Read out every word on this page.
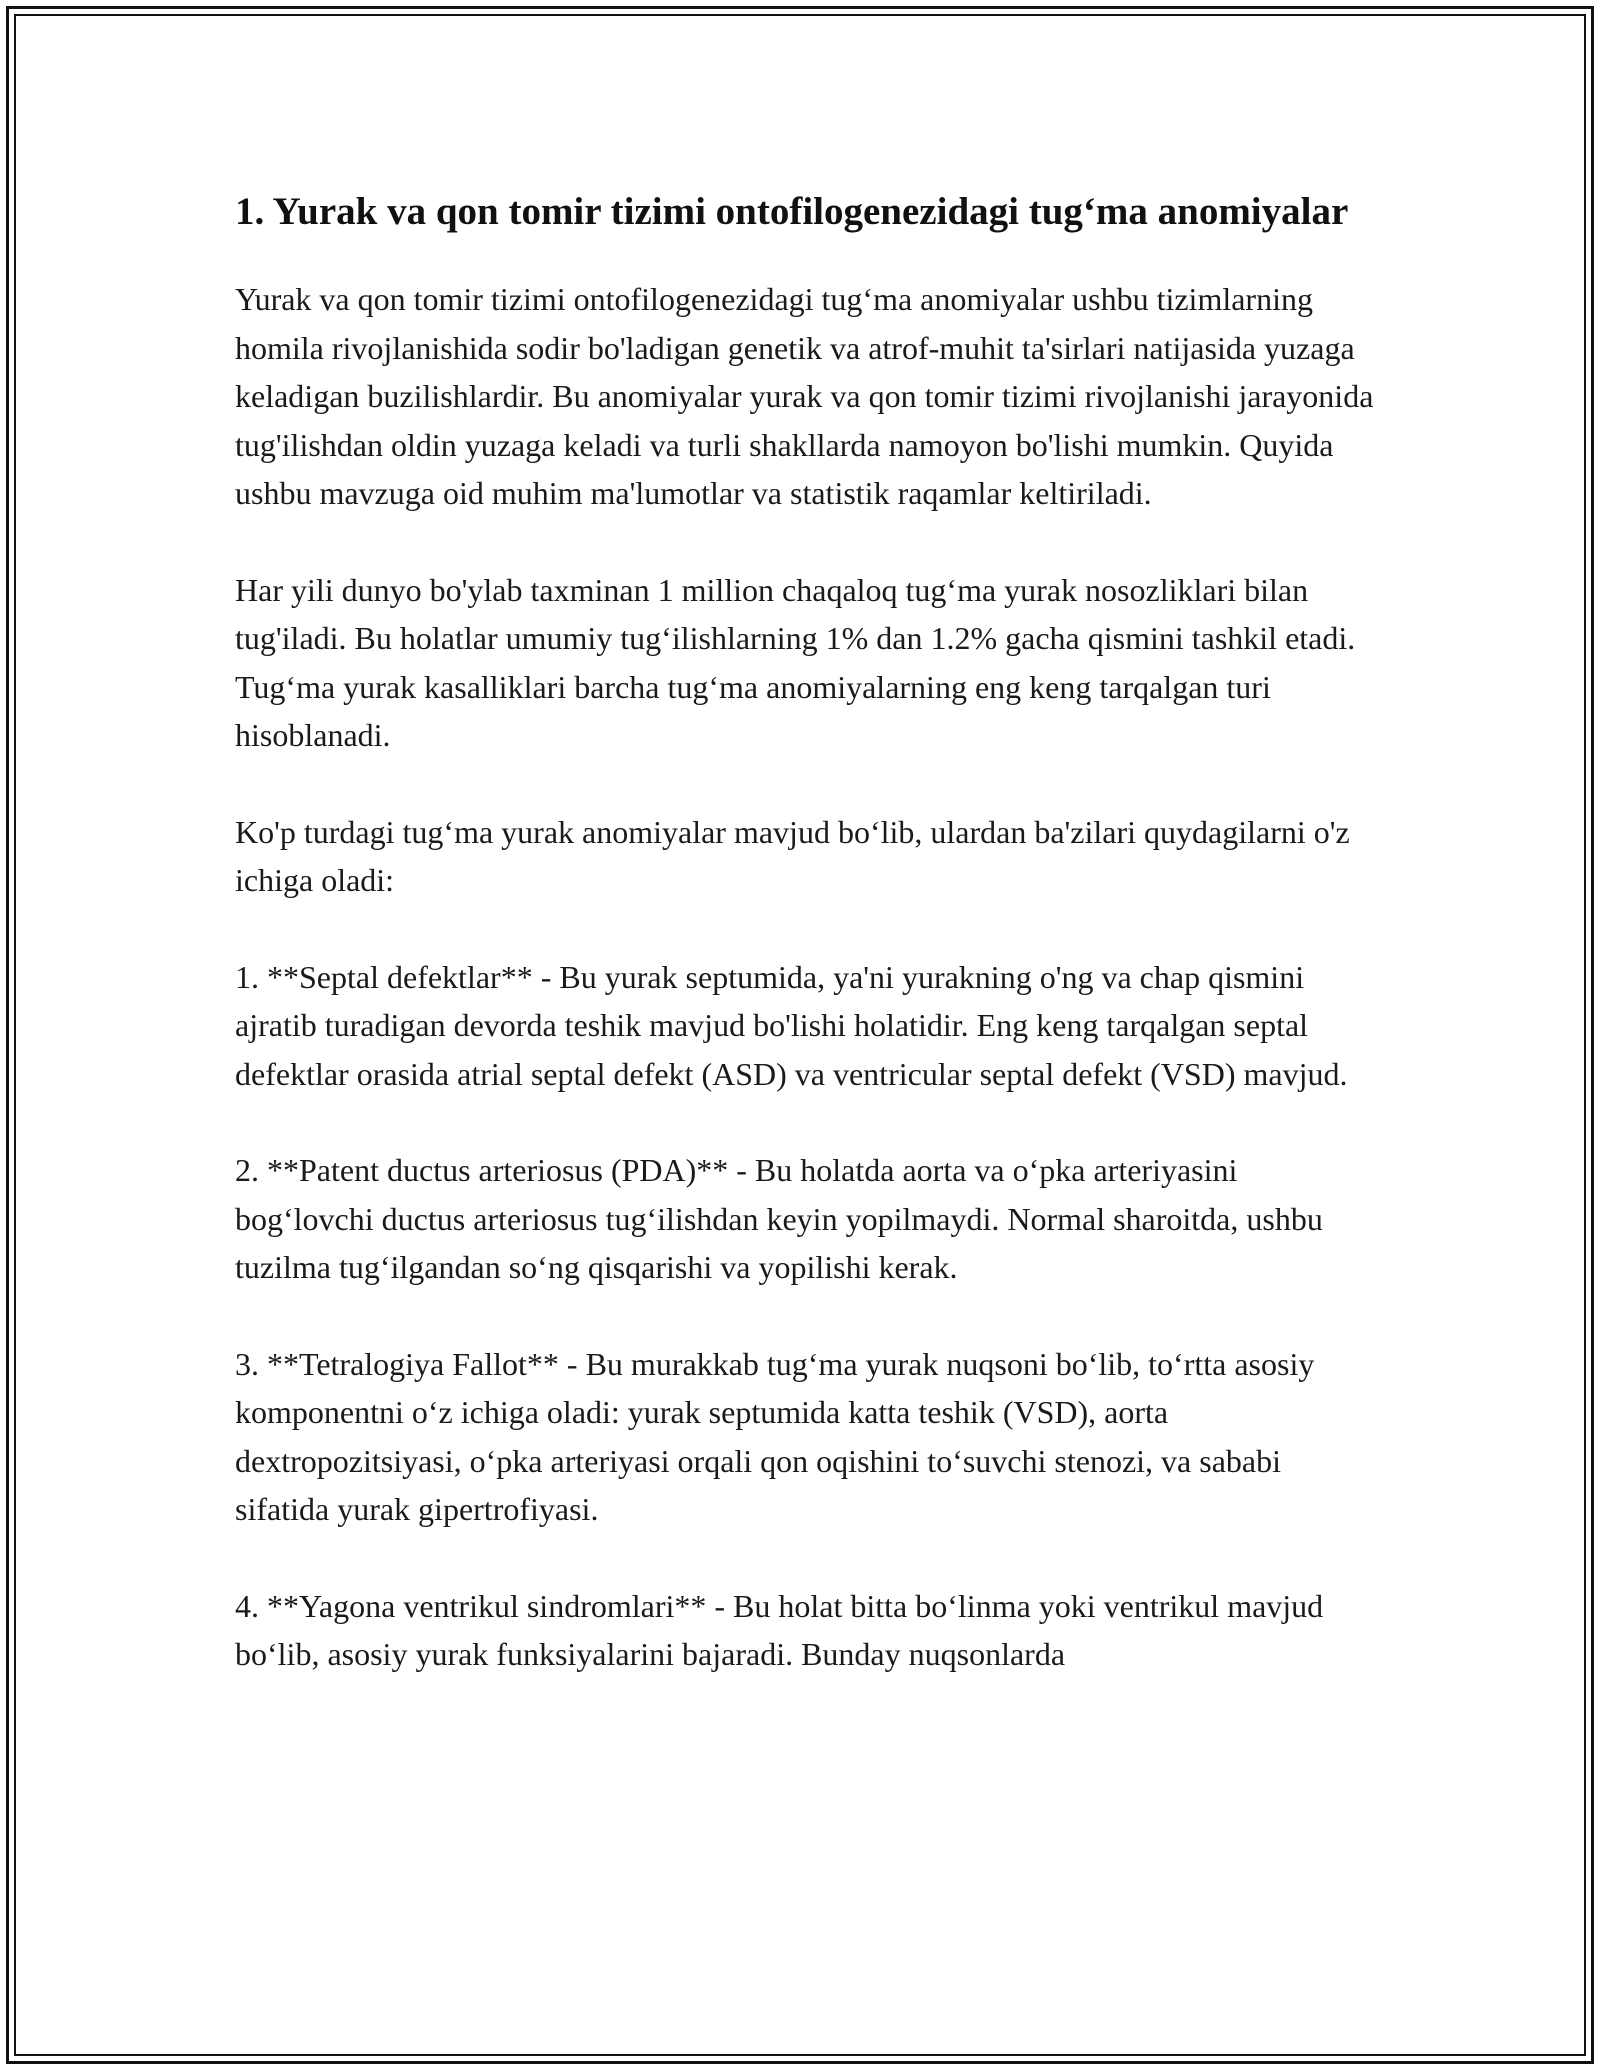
1. Yurak va qon tomir tizimi ontofilogenezidagi tug‘ma anomiyalar

Yurak va qon tomir tizimi ontofilogenezidagi tug‘ma anomiyalar ushbu tizimlarning homila rivojlanishida sodir bo'ladigan genetik va atrof-muhit ta'sirlari natijasida yuzaga keladigan buzilishlardir. Bu anomiyalar yurak va qon tomir tizimi rivojlanishi jarayonida tug'ilishdan oldin yuzaga keladi va turli shakllarda namoyon bo'lishi mumkin. Quyida ushbu mavzuga oid muhim ma'lumotlar va statistik raqamlar keltiriladi.

Har yili dunyo bo'ylab taxminan 1 million chaqaloq tug‘ma yurak nosozliklari bilan tug'iladi. Bu holatlar umumiy tug‘ilishlarning 1% dan 1.2% gacha qismini tashkil etadi. Tug‘ma yurak kasalliklari barcha tug‘ma anomiyalarning eng keng tarqalgan turi hisoblanadi.

Ko'p turdagi tug‘ma yurak anomiyalar mavjud bo‘lib, ulardan ba'zilari quydagilarni o'z ichiga oladi:

1. **Septal defektlar** - Bu yurak septumida, ya'ni yurakning o'ng va chap qismini ajratib turadigan devorda teshik mavjud bo'lishi holatidir. Eng keng tarqalgan septal defektlar orasida atrial septal defekt (ASD) va ventricular septal defekt (VSD) mavjud.

2. **Patent ductus arteriosus (PDA)** - Bu holatda aorta va o‘pka arteriyasini bog‘lovchi ductus arteriosus tug‘ilishdan keyin yopilmaydi. Normal sharoitda, ushbu tuzilma tug‘ilgandan so‘ng qisqarishi va yopilishi kerak.

3. **Tetralogiya Fallot** - Bu murakkab tug‘ma yurak nuqsoni bo‘lib, to‘rtta asosiy komponentni o‘z ichiga oladi: yurak septumida katta teshik (VSD), aorta dextropozitsiyasi, o‘pka arteriyasi orqali qon oqishini to‘suvchi stenozi, va sababi sifatida yurak gipertrofiyasi.

4. **Yagona ventrikul sindromlari** - Bu holat bitta bo‘linma yoki ventrikul mavjud bo‘lib, asosiy yurak funksiyalarini bajaradi. Bunday nuqsonlarda
